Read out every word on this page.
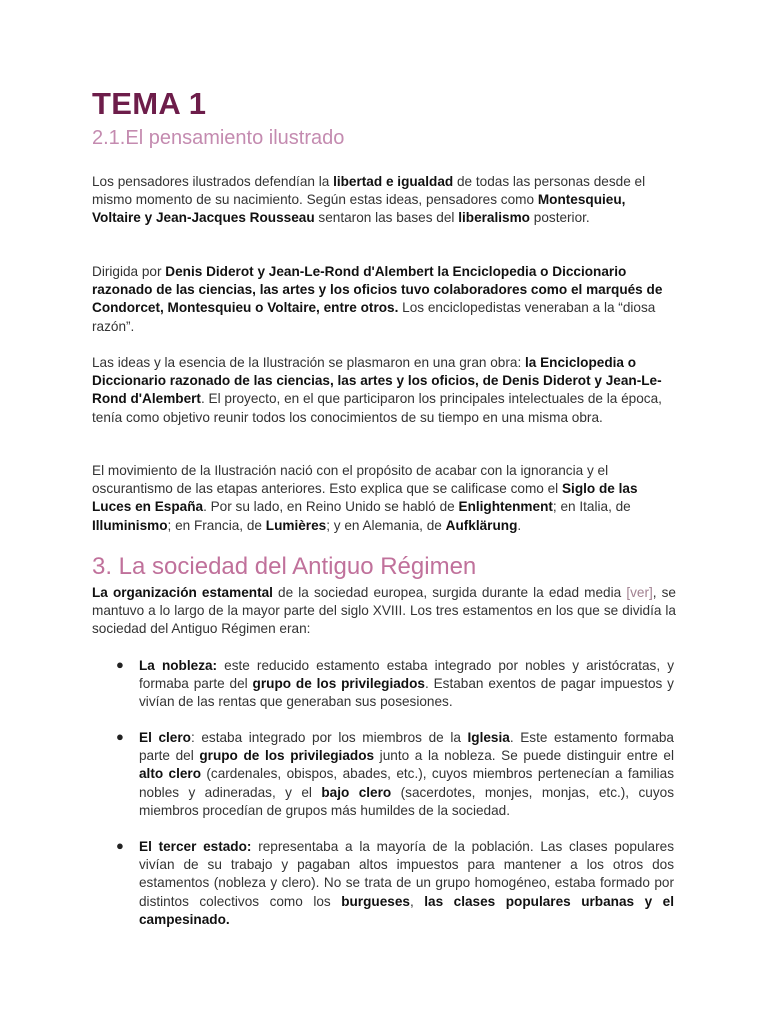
TEMA 1
2.1.El pensamiento ilustrado

Los pensadores ilustrados defendían la libertad e igualdad de todas las personas desde el mismo momento de su nacimiento. Según estas ideas, pensadores como Montesquieu, Voltaire y Jean-Jacques Rousseau sentaron las bases del liberalismo posterior.

Dirigida por Denis Diderot y Jean-Le-Rond d'Alembert la Enciclopedia o Diccionario razonado de las ciencias, las artes y los oficios tuvo colaboradores como el marqués de Condorcet, Montesquieu o Voltaire, entre otros. Los enciclopedistas veneraban a la “diosa razón”.

Las ideas y la esencia de la Ilustración se plasmaron en una gran obra: la Enciclopedia o Diccionario razonado de las ciencias, las artes y los oficios, de Denis Diderot y Jean-Le-Rond d'Alembert. El proyecto, en el que participaron los principales intelectuales de la época, tenía como objetivo reunir todos los conocimientos de su tiempo en una misma obra.

El movimiento de la Ilustración nació con el propósito de acabar con la ignorancia y el oscurantismo de las etapas anteriores. Esto explica que se calificase como el Siglo de las Luces en España. Por su lado, en Reino Unido se habló de Enlightenment; en Italia, de Illuminismo; en Francia, de Lumières; y en Alemania, de Aufklärung.

3. La sociedad del Antiguo Régimen

La organización estamental de la sociedad europea, surgida durante la edad media [ver], se mantuvo a lo largo de la mayor parte del siglo XVIII. Los tres estamentos en los que se dividía la sociedad del Antiguo Régimen eran:

● La nobleza: este reducido estamento estaba integrado por nobles y aristócratas, y formaba parte del grupo de los privilegiados. Estaban exentos de pagar impuestos y vivían de las rentas que generaban sus posesiones.

● El clero: estaba integrado por los miembros de la Iglesia. Este estamento formaba parte del grupo de los privilegiados junto a la nobleza. Se puede distinguir entre el alto clero (cardenales, obispos, abades, etc.), cuyos miembros pertenecían a familias nobles y adineradas, y el bajo clero (sacerdotes, monjes, monjas, etc.), cuyos miembros procedían de grupos más humildes de la sociedad.

● El tercer estado: representaba a la mayoría de la población. Las clases populares vivían de su trabajo y pagaban altos impuestos para mantener a los otros dos estamentos (nobleza y clero). No se trata de un grupo homogéneo, estaba formado por distintos colectivos como los burgueses, las clases populares urbanas y el campesinado.
